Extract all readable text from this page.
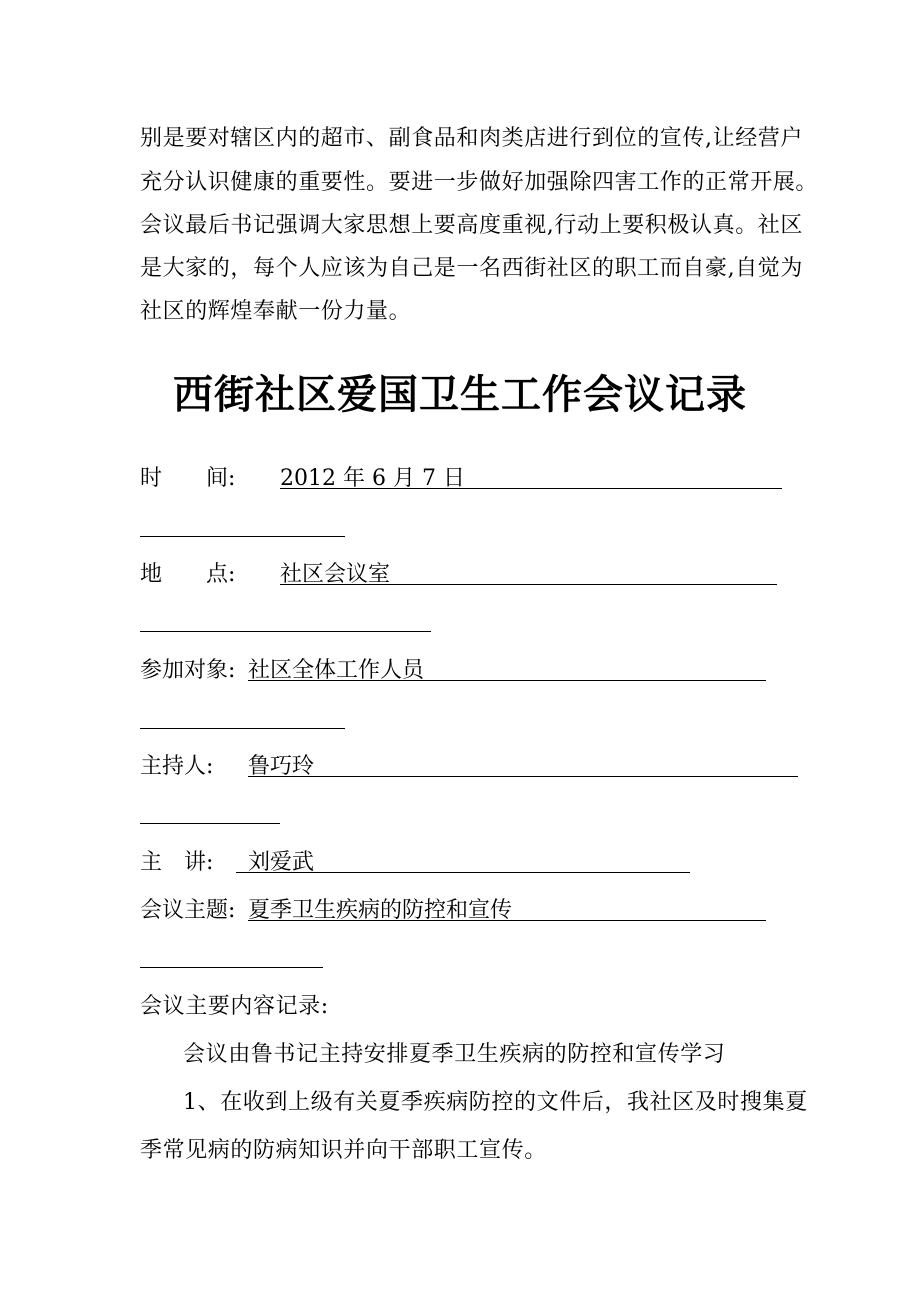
别是要对辖区内的超市、副食品和肉类店进行到位的宣传,让经营户
充分认识健康的重要性。要进一步做好加强除四害工作的正常开展。
会议最后书记强调大家思想上要高度重视,行动上要积极认真。社区
是大家的，每个人应该为自己是一名西街社区的职工而自豪,自觉为
社区的辉煌奉献一份力量。
西街社区爱国卫生工作会议记录
时　　间: 2012 年 6 月 7 日
地　　点: 社区会议室
参加对象: 社区全体工作人员
主持人: 鲁巧玲
主　讲: 刘爱武
会议主题: 夏季卫生疾病的防控和宣传
会议主要内容记录:
会议由鲁书记主持安排夏季卫生疾病的防控和宣传学习
1、在收到上级有关夏季疾病防控的文件后，我社区及时搜集夏
季常见病的防病知识并向干部职工宣传。
